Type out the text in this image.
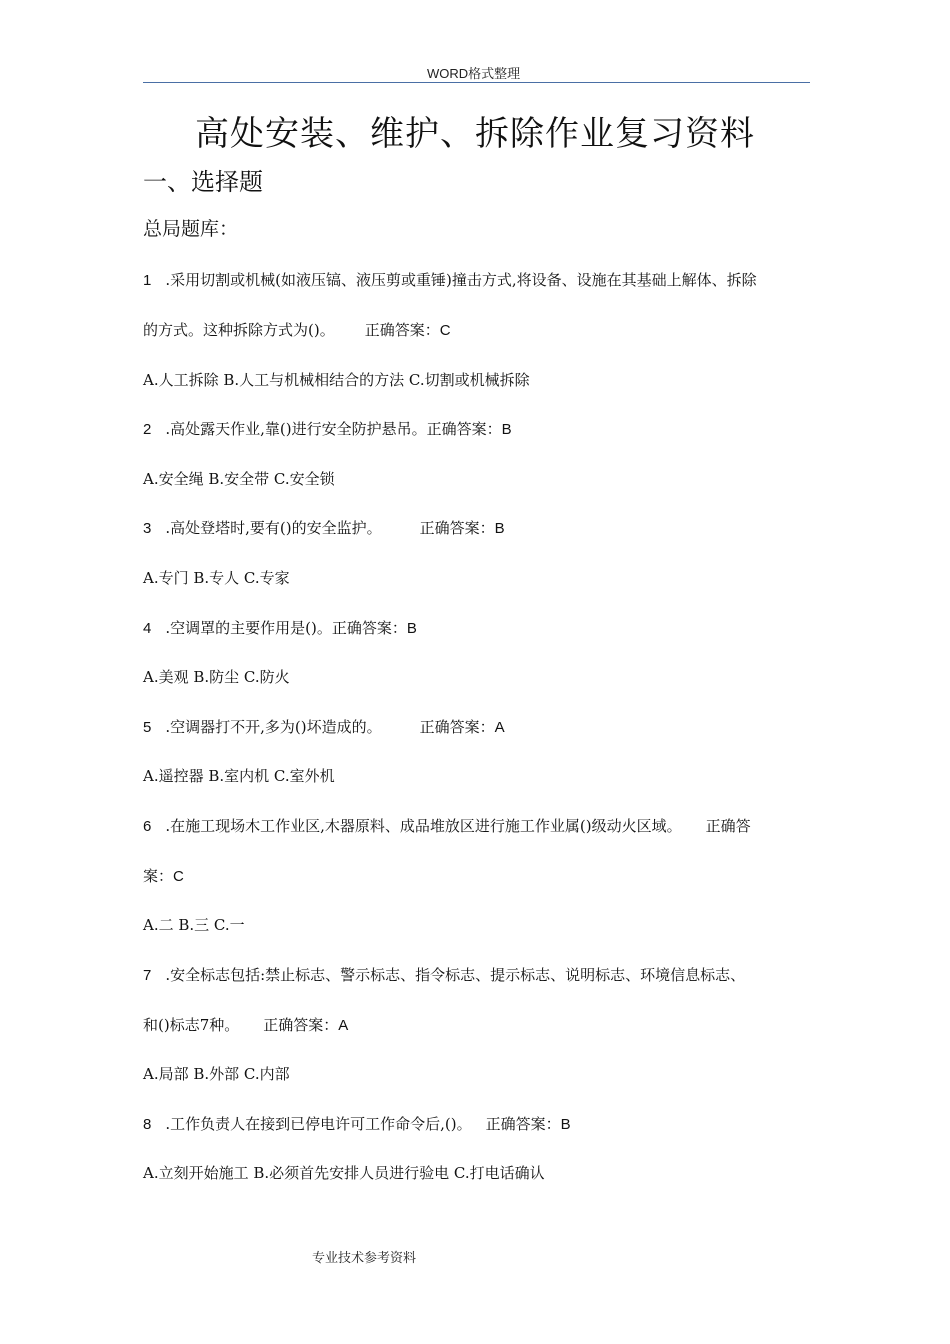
WORD格式整理
高处安装、维护、拆除作业复习资料
一、选择题
总局题库：
1 .采用切割或机械(如液压镐、液压剪或重锤)撞击方式,将设备、设施在其基础上解体、拆除
的方式。这种拆除方式为()。 正确答案：C
A.人工拆除 B.人工与机械相结合的方法 C.切割或机械拆除
2 .高处露天作业,靠()进行安全防护悬吊。正确答案：B
A.安全绳 B.安全带 C.安全锁
3 .高处登塔时,要有()的安全监护。	正确答案：B
A.专门 B.专人 C.专家
4 .空调罩的主要作用是()。正确答案：B
A.美观 B.防尘 C.防火
5 .空调器打不开,多为()坏造成的。	正确答案：A
A.遥控器 B.室内机 C.室外机
6 .在施工现场木工作业区,木器原料、成品堆放区进行施工作业属()级动火区域。 正确答
案：C
A.二 B.三 C.一
7 .安全标志包括:禁止标志、警示标志、指令标志、提示标志、说明标志、环境信息标志、
和()标志7种。 正确答案：A
A.局部 B.外部 C.内部
8 .工作负责人在接到已停电许可工作命令后,()。 正确答案：B
A.立刻开始施工 B.必须首先安排人员进行验电 C.打电话确认
专业技术参考资料
